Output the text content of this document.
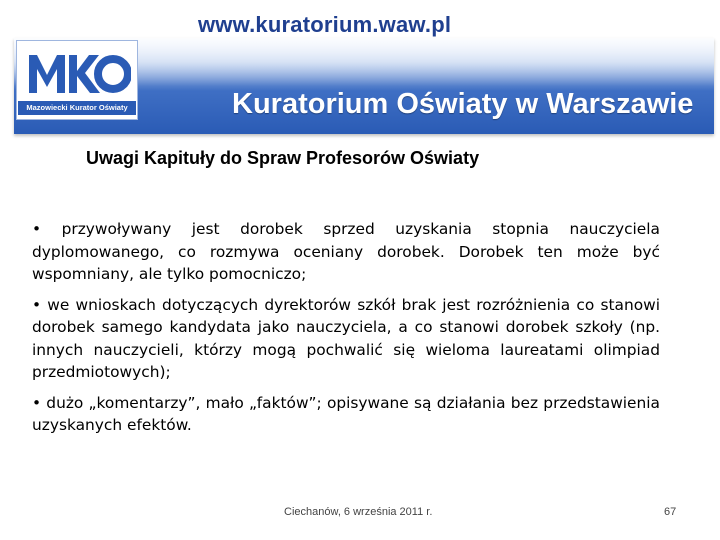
www.kuratorium.waw.pl
Mazowiecki Kurator Oświaty	Kuratorium Oświaty w Warszawie
Uwagi Kapituły do Spraw Profesorów Oświaty

• przywoływany jest dorobek sprzed uzyskania stopnia nauczyciela dyplomowanego, co rozmywa oceniany dorobek. Dorobek ten może być wspomniany, ale tylko pomocniczo;

• we wnioskach dotyczących dyrektorów szkół brak jest rozróżnienia co stanowi dorobek samego kandydata jako nauczyciela, a co stanowi dorobek szkoły (np. innych nauczycieli, którzy mogą pochwalić się wieloma laureatami olimpiad przedmiotowych);

• dużo „komentarzy”, mało „faktów”; opisywane są działania bez przedstawienia uzyskanych efektów.

Ciechanów, 6 września 2011 r.	67
